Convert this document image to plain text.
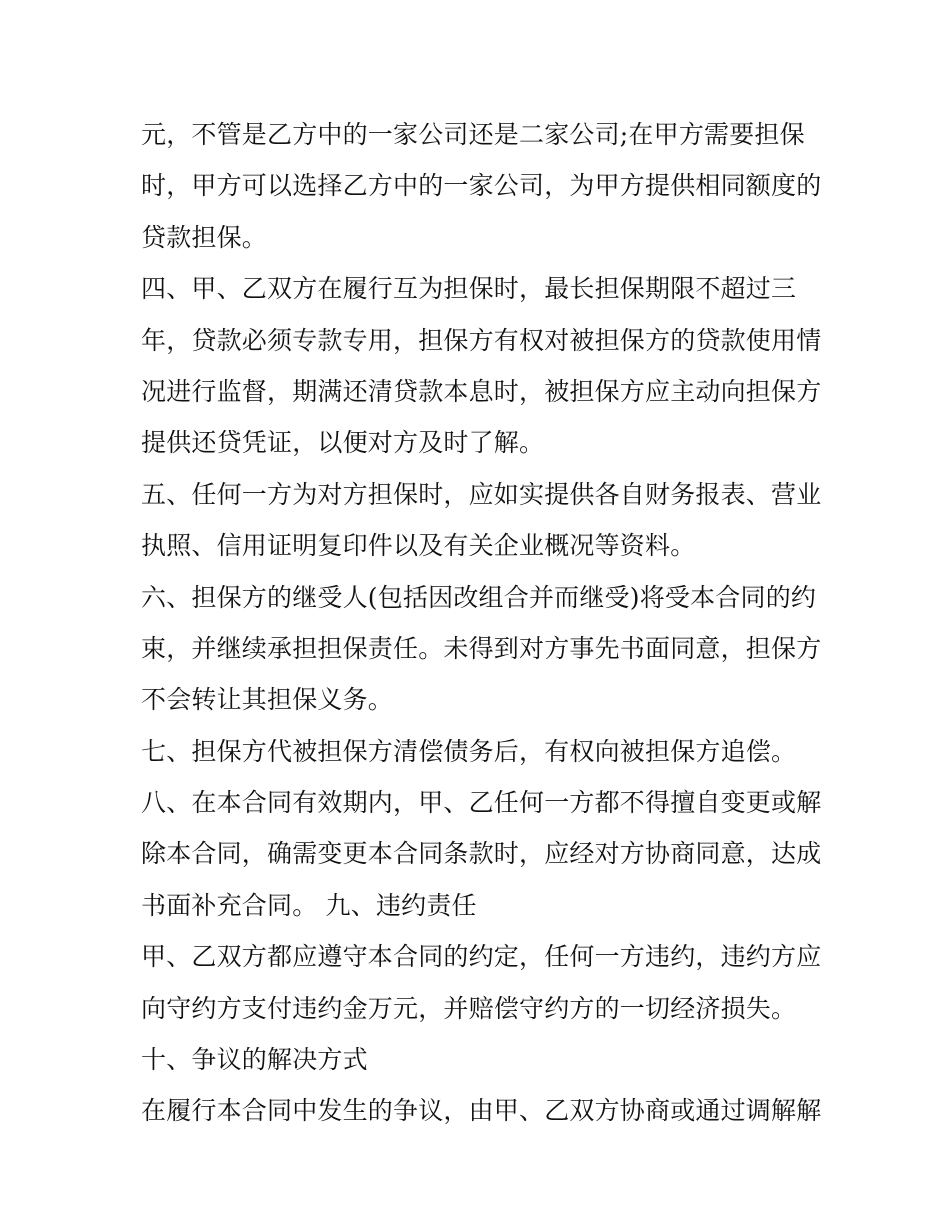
元，不管是乙方中的一家公司还是二家公司;在甲方需要担保
时，甲方可以选择乙方中的一家公司，为甲方提供相同额度的
贷款担保。
四、甲、乙双方在履行互为担保时，最长担保期限不超过三
年，贷款必须专款专用，担保方有权对被担保方的贷款使用情
况进行监督，期满还清贷款本息时，被担保方应主动向担保方
提供还贷凭证，以便对方及时了解。
五、任何一方为对方担保时，应如实提供各自财务报表、营业
执照、信用证明复印件以及有关企业概况等资料。
六、担保方的继受人(包括因改组合并而继受)将受本合同的约
束，并继续承担担保责任。未得到对方事先书面同意，担保方
不会转让其担保义务。
七、担保方代被担保方清偿债务后，有权向被担保方追偿。
八、在本合同有效期内，甲、乙任何一方都不得擅自变更或解
除本合同，确需变更本合同条款时，应经对方协商同意，达成
书面补充合同。 九、违约责任
甲、乙双方都应遵守本合同的约定，任何一方违约，违约方应
向守约方支付违约金万元，并赔偿守约方的一切经济损失。
十、争议的解决方式
在履行本合同中发生的争议，由甲、乙双方协商或通过调解解
